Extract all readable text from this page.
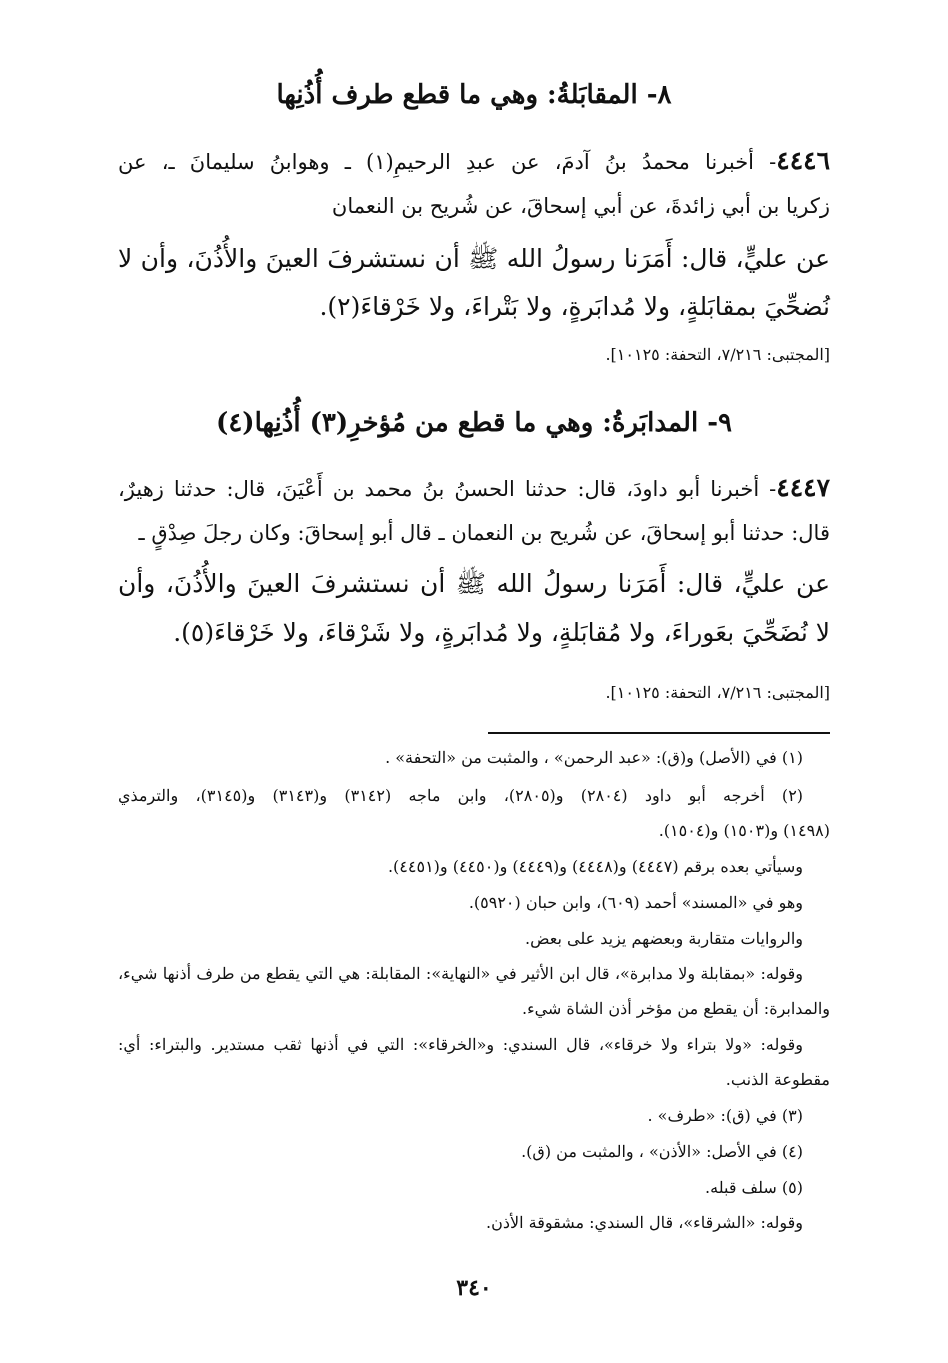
٨- المقابَلةُ: وهي ما قطع طرف أُذُنِها
٤٤٤٦- أخبرنا محمدُ بنُ آدمَ، عن عبدِ الرحيمِ(١) ـ وهوابنُ سليمانَ ـ، عن
زكريا بن أبي زائدةَ، عن أبي إسحاقَ، عن شُريح بن النعمان
عن عليٍّ، قال: أَمَرَنا رسولُ الله ﷺ أن نستشرفَ العينَ والأُذُنَ، وأن لا
نُضحِّيَ بمقابَلةٍ، ولا مُدابَرةٍ، ولا بَتْراءَ، ولا خَرْقاءَ(٢).
[المجتبى: ٧/٢١٦، التحفة: ١٠١٢٥].
٩- المدابَرةُ: وهي ما قطع من مُؤخرِ(٣) أُذُنِها(٤)
٤٤٤٧- أخبرنا أبو داودَ، قال: حدثنا الحسنُ بنُ محمد بن أَعْيَنَ، قال: حدثنا زهيرٌ،
قال: حدثنا أبو إسحاقَ، عن شُريح بن النعمان ـ قال أبو إسحاقَ: وكان رجلَ صِدْقٍ ـ
عن عليٍّ، قال: أَمَرَنا رسولُ الله ﷺ أن نستشرفَ العينَ والأُذُنَ، وأن
لا نُضَحِّيَ بعَوراءَ، ولا مُقابَلةٍ، ولا مُدابَرةٍ، ولا شَرْقاءَ، ولا خَرْقاءَ(٥).
[المجتبى: ٧/٢١٦، التحفة: ١٠١٢٥].
(١) في (الأصل) و(ق): «عبد الرحمن» ، والمثبت من «التحفة» .
(٢) أخرجه أبو داود (٢٨٠٤) و(٢٨٠٥)، وابن ماجه (٣١٤٢) و(٣١٤٣) و(٣١٤٥)، والترمذي
(١٤٩٨) و(١٥٠٣) و(١٥٠٤).
وسيأتي بعده برقم (٤٤٤٧) و(٤٤٤٨) و(٤٤٤٩) و(٤٤٥٠) و(٤٤٥١).
وهو في «المسند» أحمد (٦٠٩)، وابن حبان (٥٩٢٠).
والروايات متقاربة وبعضهم يزيد على بعض.
وقوله: «بمقابلة ولا مدابرة»، قال ابن الأثير في «النهاية»: المقابلة: هي التي يقطع من طرف أذنها شيء،
والمدابرة: أن يقطع من مؤخر أذن الشاة شيء.
وقوله: «ولا بتراء ولا خرقاء»، قال السندي: و«الخرقاء»: التي في أذنها ثقب مستدير. والبتراء: أي:
مقطوعة الذنب.
(٣) في (ق): «طرف» .
(٤) في الأصل: «الأذن» ، والمثبت من (ق).
(٥) سلف قبله.
وقوله: «الشرقاء»، قال السندي: مشقوقة الأذن.
٣٤٠
